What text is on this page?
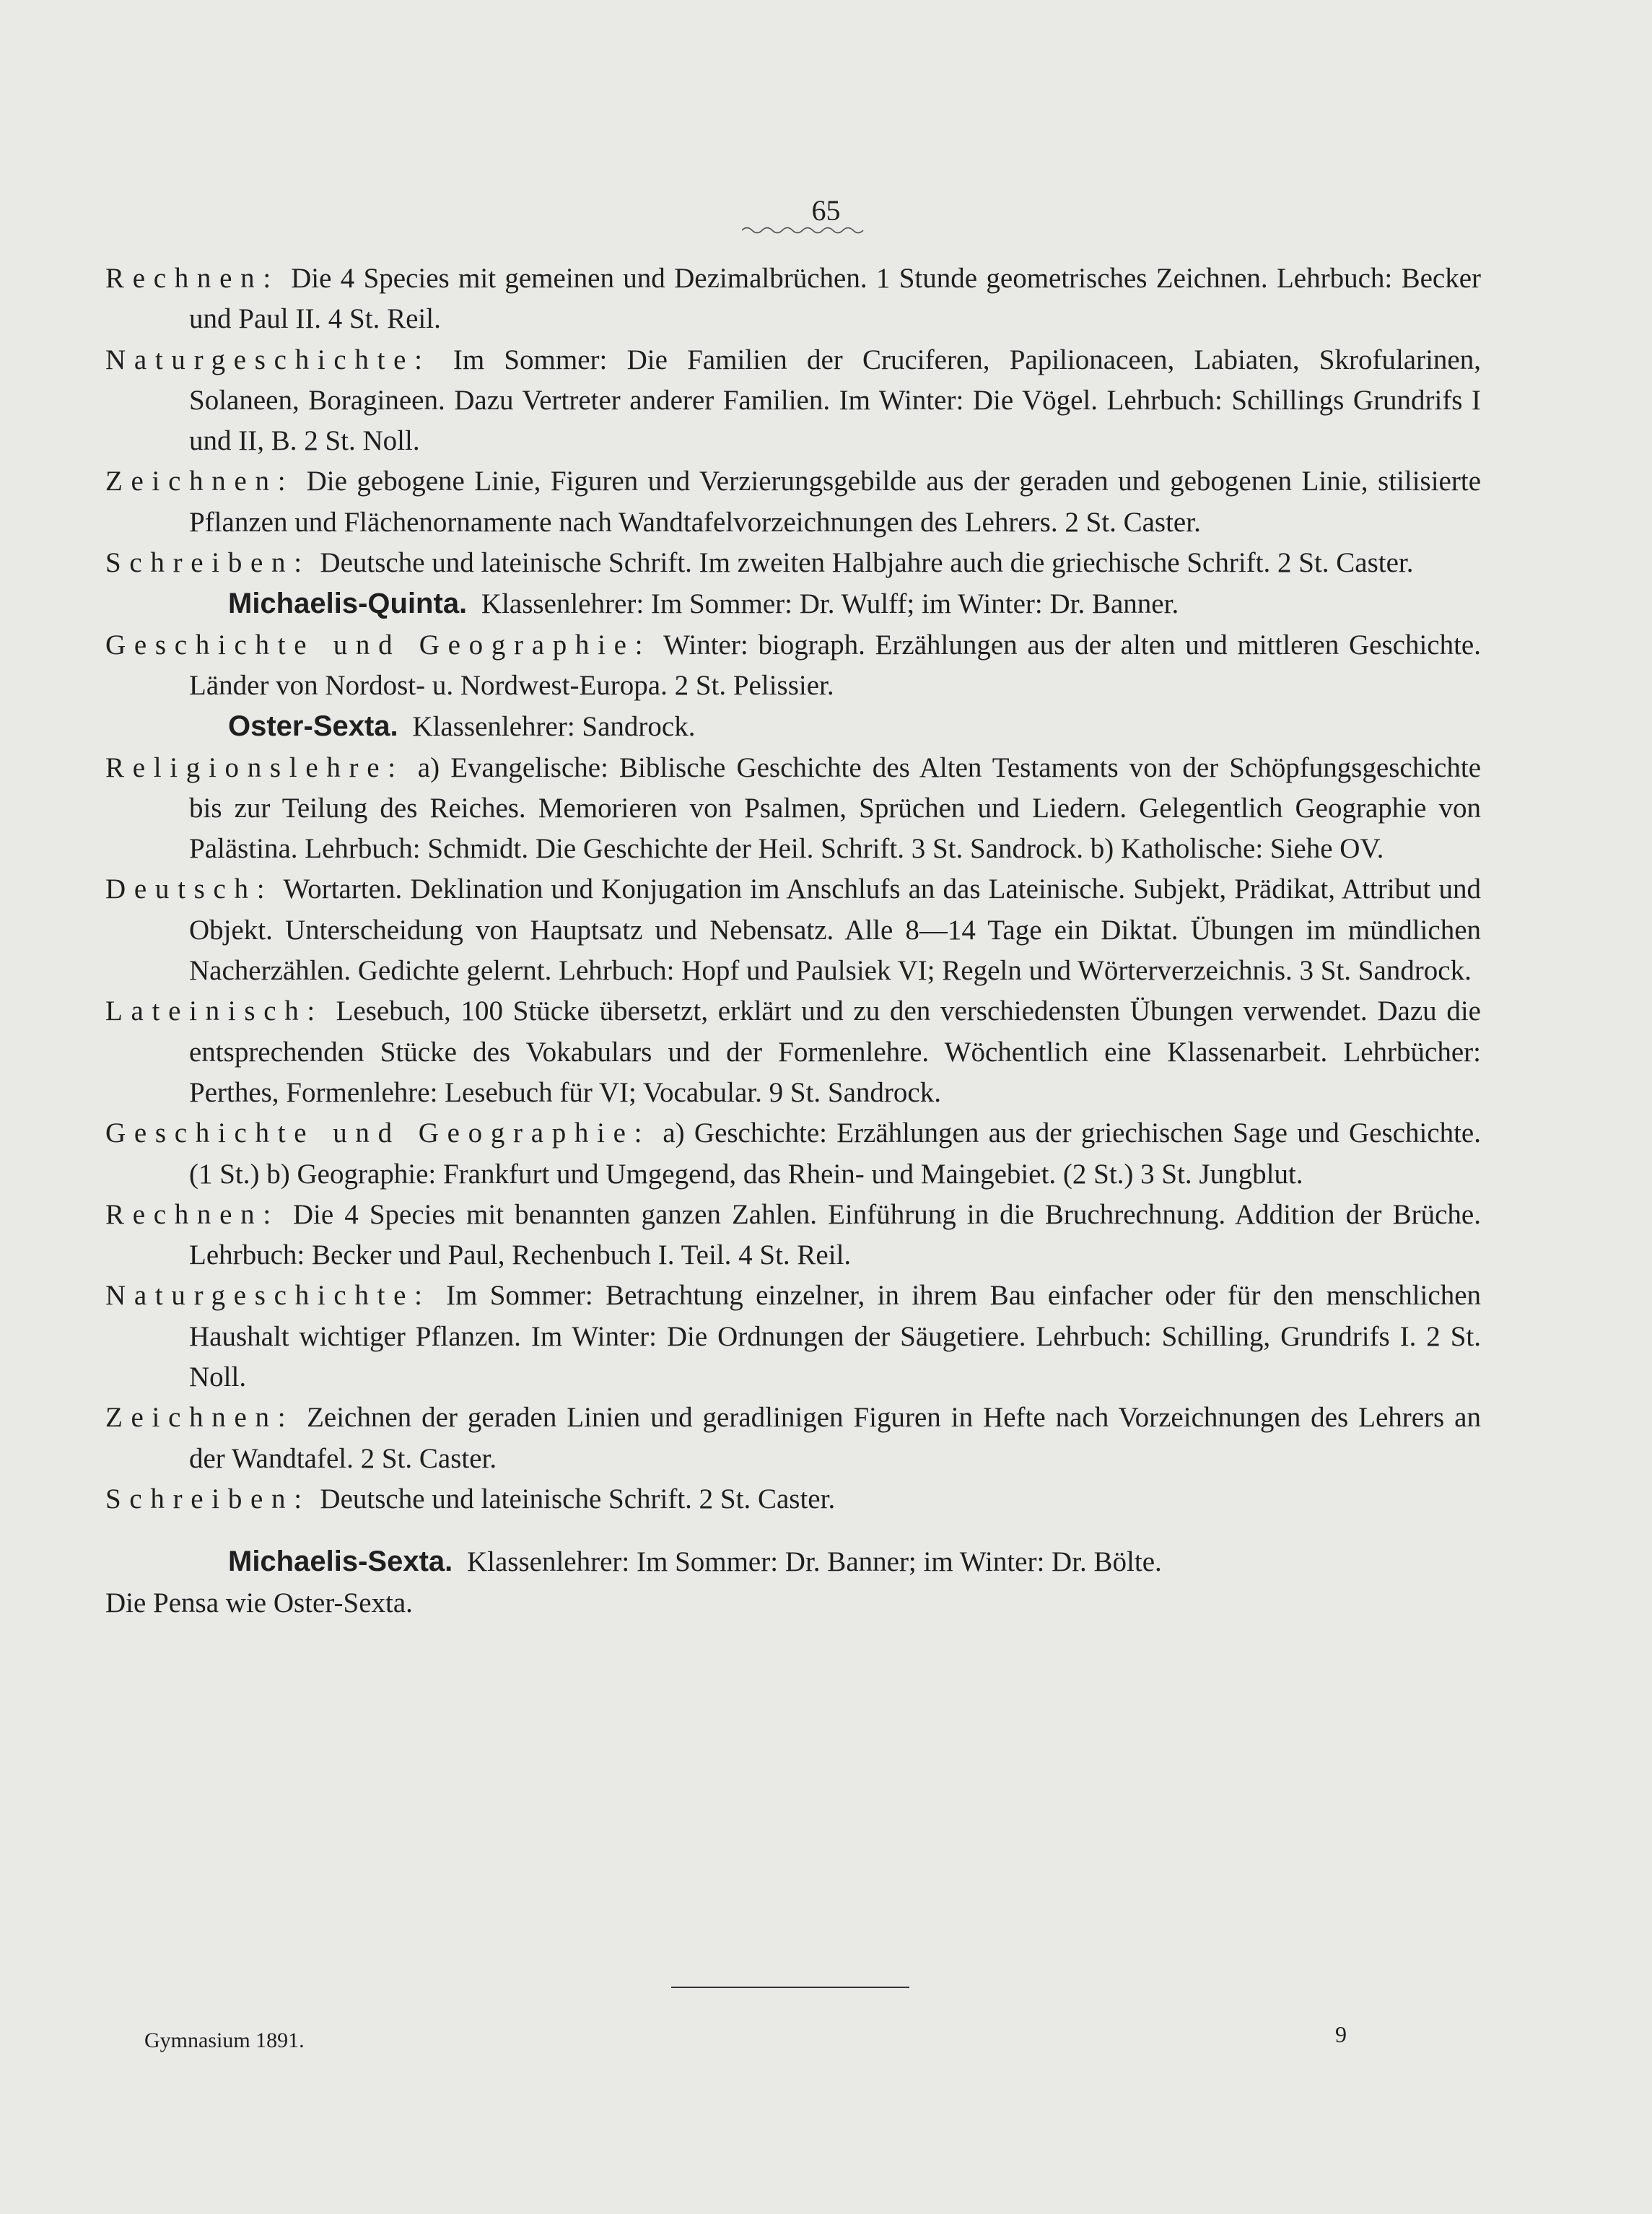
65

Rechnen: Die 4 Species mit gemeinen und Dezimalbrüchen. 1 Stunde geometrisches Zeichnen. Lehrbuch: Becker und Paul II. 4 St. Reil.

Naturgeschichte: Im Sommer: Die Familien der Cruciferen, Papilionaceen, Labiaten, Skrofularinen, Solaneen, Boragineen. Dazu Vertreter anderer Familien. Im Winter: Die Vögel. Lehrbuch: Schillings Grundrifs I und II, B. 2 St. Noll.

Zeichnen: Die gebogene Linie, Figuren und Verzierungsgebilde aus der geraden und gebogenen Linie, stilisierte Pflanzen und Flächenornamente nach Wandtafelvorzeichnungen des Lehrers. 2 St. Caster.

Schreiben: Deutsche und lateinische Schrift. Im zweiten Halbjahre auch die griechische Schrift. 2 St. Caster.

Michaelis-Quinta. Klassenlehrer: Im Sommer: Dr. Wulff; im Winter: Dr. Banner.

Geschichte und Geographie: Winter: biograph. Erzählungen aus der alten und mittleren Geschichte. Länder von Nordost- u. Nordwest-Europa. 2 St. Pelissier.

Oster-Sexta. Klassenlehrer: Sandrock.

Religionslehre: a) Evangelische: Biblische Geschichte des Alten Testaments von der Schöpfungsgeschichte bis zur Teilung des Reiches. Memorieren von Psalmen, Sprüchen und Liedern. Gelegentlich Geographie von Palästina. Lehrbuch: Schmidt. Die Geschichte der Heil. Schrift. 3 St. Sandrock. b) Katholische: Siehe OV.

Deutsch: Wortarten. Deklination und Konjugation im Anschlufs an das Lateinische. Subjekt, Prädikat, Attribut und Objekt. Unterscheidung von Hauptsatz und Nebensatz. Alle 8—14 Tage ein Diktat. Übungen im mündlichen Nacherzählen. Gedichte gelernt. Lehrbuch: Hopf und Paulsiek VI; Regeln und Wörterverzeichnis. 3 St. Sandrock.

Lateinisch: Lesebuch, 100 Stücke übersetzt, erklärt und zu den verschiedensten Übungen verwendet. Dazu die entsprechenden Stücke des Vokabulars und der Formenlehre. Wöchentlich eine Klassenarbeit. Lehrbücher: Perthes, Formenlehre: Lesebuch für VI; Vocabular. 9 St. Sandrock.

Geschichte und Geographie: a) Geschichte: Erzählungen aus der griechischen Sage und Geschichte. (1 St.) b) Geographie: Frankfurt und Umgegend, das Rhein- und Maingebiet. (2 St.) 3 St. Jungblut.

Rechnen: Die 4 Species mit benannten ganzen Zahlen. Einführung in die Bruchrechnung. Addition der Brüche. Lehrbuch: Becker und Paul, Rechenbuch I. Teil. 4 St. Reil.

Naturgeschichte: Im Sommer: Betrachtung einzelner, in ihrem Bau einfacher oder für den menschlichen Haushalt wichtiger Pflanzen. Im Winter: Die Ordnungen der Säugetiere. Lehrbuch: Schilling, Grundrifs I. 2 St. Noll.

Zeichnen: Zeichnen der geraden Linien und geradlinigen Figuren in Hefte nach Vorzeichnungen des Lehrers an der Wandtafel. 2 St. Caster.

Schreiben: Deutsche und lateinische Schrift. 2 St. Caster.

Michaelis-Sexta. Klassenlehrer: Im Sommer: Dr. Banner; im Winter: Dr. Bölte.

Die Pensa wie Oster-Sexta.

Gymnasium 1891.	9
